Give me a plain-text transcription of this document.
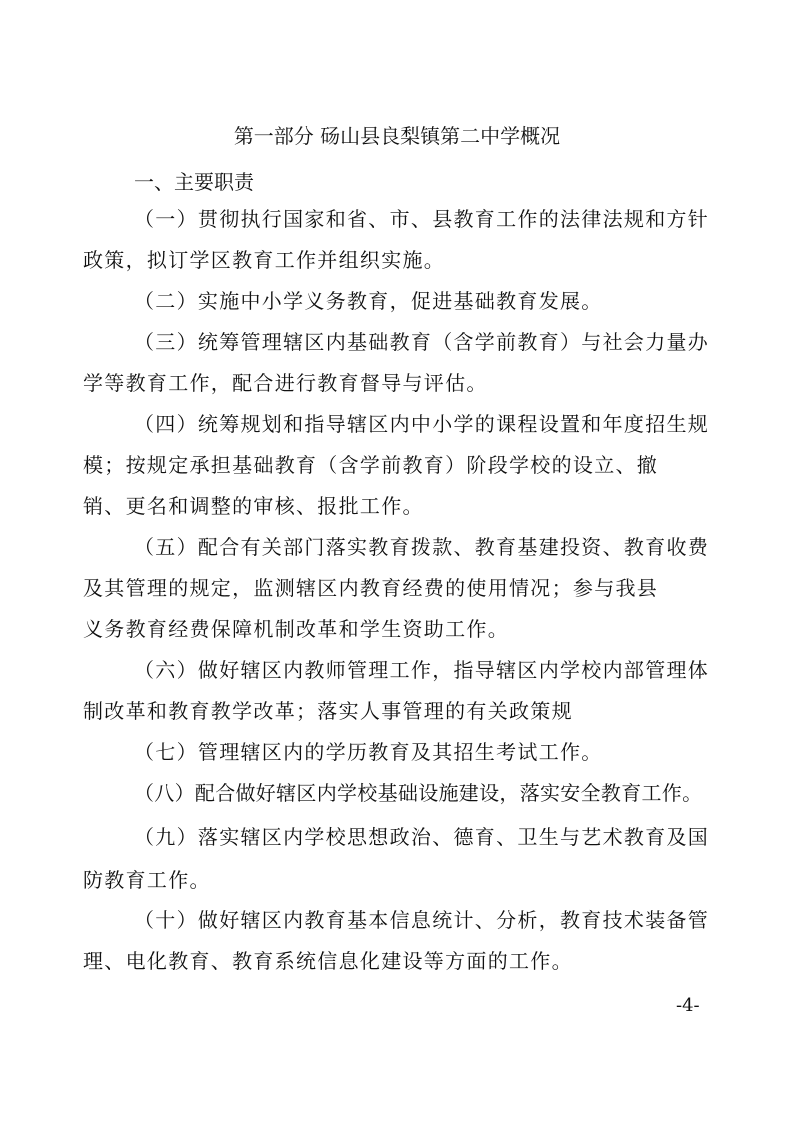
第一部分 砀山县良梨镇第二中学概况
一、主要职责
（一）贯彻执行国家和省、市、县教育工作的法律法规和方针
政策，拟订学区教育工作并组织实施。
（二）实施中小学义务教育，促进基础教育发展。
（三）统筹管理辖区内基础教育（含学前教育）与社会力量办
学等教育工作，配合进行教育督导与评估。
（四）统筹规划和指导辖区内中小学的课程设置和年度招生规
模；按规定承担基础教育（含学前教育）阶段学校的设立、撤
销、更名和调整的审核、报批工作。
（五）配合有关部门落实教育拨款、教育基建投资、教育收费
及其管理的规定，监测辖区内教育经费的使用情况；参与我县
义务教育经费保障机制改革和学生资助工作。
（六）做好辖区内教师管理工作，指导辖区内学校内部管理体
制改革和教育教学改革；落实人事管理的有关政策规
（七）管理辖区内的学历教育及其招生考试工作。
（八）配合做好辖区内学校基础设施建设，落实安全教育工作。
（九）落实辖区内学校思想政治、德育、卫生与艺术教育及国
防教育工作。
（十）做好辖区内教育基本信息统计、分析，教育技术装备管
理、电化教育、教育系统信息化建设等方面的工作。
-4-
